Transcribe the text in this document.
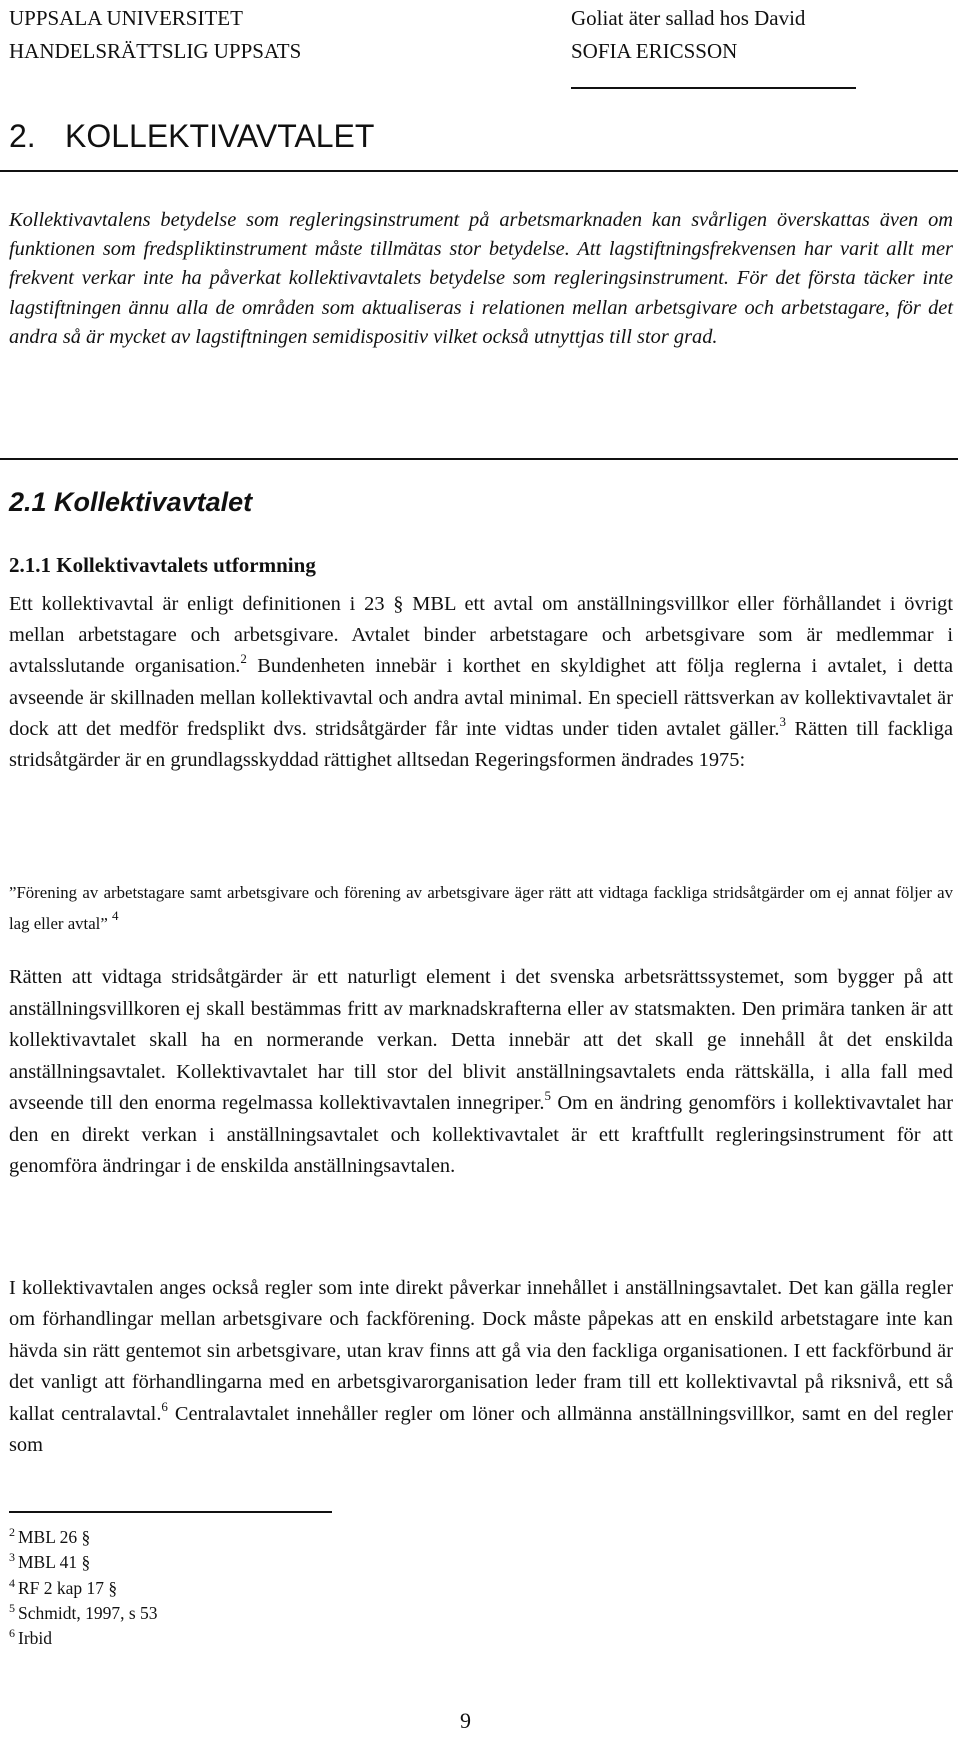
UPPSALA UNIVERSITET
HANDELSRÄTTSLIG UPPSATS
Goliat äter sallad hos David
SOFIA ERICSSON
2. KOLLEKTIVAVTALET

Kollektivavtalens betydelse som regleringsinstrument på arbetsmarknaden kan svårligen överskattas även om funktionen som fredspliktinstrument måste tillmätas stor betydelse. Att lagstiftningsfrekvensen har varit allt mer frekvent verkar inte ha påverkat kollektivavtalets betydelse som regleringsinstrument. För det första täcker inte lagstiftningen ännu alla de områden som aktualiseras i relationen mellan arbetsgivare och arbetstagare, för det andra så är mycket av lagstiftningen semidispositiv vilket också utnyttjas till stor grad.

2.1 Kollektivavtalet
2.1.1 Kollektivavtalets utformning

Ett kollektivavtal är enligt definitionen i 23 § MBL ett avtal om anställningsvillkor eller förhållandet i övrigt mellan arbetstagare och arbetsgivare. Avtalet binder arbetstagare och arbetsgivare som är medlemmar i avtalsslutande organisation.$^2$ Bundenheten innebär i korthet en skyldighet att följa reglerna i avtalet, i detta avseende är skillnaden mellan kollektivavtal och andra avtal minimal. En speciell rättsverkan av kollektivavtalet är dock att det medför fredsplikt dvs. stridsåtgärder får inte vidtas under tiden avtalet gäller.$^3$ Rätten till fackliga stridsåtgärder är en grundlagsskyddad rättighet alltsedan Regeringsformen ändrades 1975:

”Förening av arbetstagare samt arbetsgivare och förening av arbetsgivare äger rätt att vidtaga fackliga stridsåtgärder om ej annat följer av lag eller avtal” $^4$

Rätten att vidtaga stridsåtgärder är ett naturligt element i det svenska arbetsrättssystemet, som bygger på att anställningsvillkoren ej skall bestämmas fritt av marknadskrafterna eller av statsmakten. Den primära tanken är att kollektivavtalet skall ha en normerande verkan. Detta innebär att det skall ge innehåll åt det enskilda anställningsavtalet. Kollektivavtalet har till stor del blivit anställningsavtalets enda rättskälla, i alla fall med avseende till den enorma regelmassa kollektivavtalen innegriper.$^5$ Om en ändring genomförs i kollektivavtalet har den en direkt verkan i anställningsavtalet och kollektivavtalet är ett kraftfullt regleringsinstrument för att genomföra ändringar i de enskilda anställningsavtalen.

I kollektivavtalen anges också regler som inte direkt påverkar innehållet i anställningsavtalet. Det kan gälla regler om förhandlingar mellan arbetsgivare och fackförening. Dock måste påpekas att en enskild arbetstagare inte kan hävda sin rätt gentemot sin arbetsgivare, utan krav finns att gå via den fackliga organisationen. I ett fackförbund är det vanligt att förhandlingarna med en arbetsgivarorganisation leder fram till ett kollektivavtal på riksnivå, ett så kallat centralavtal.$^6$ Centralavtalet innehåller regler om löner och allmänna anställningsvillkor, samt en del regler som

$^2$ MBL 26 §
$^3$ MBL 41 §
$^4$ RF 2 kap 17 §
$^5$ Schmidt, 1997, s 53
$^6$ Irbid
9
